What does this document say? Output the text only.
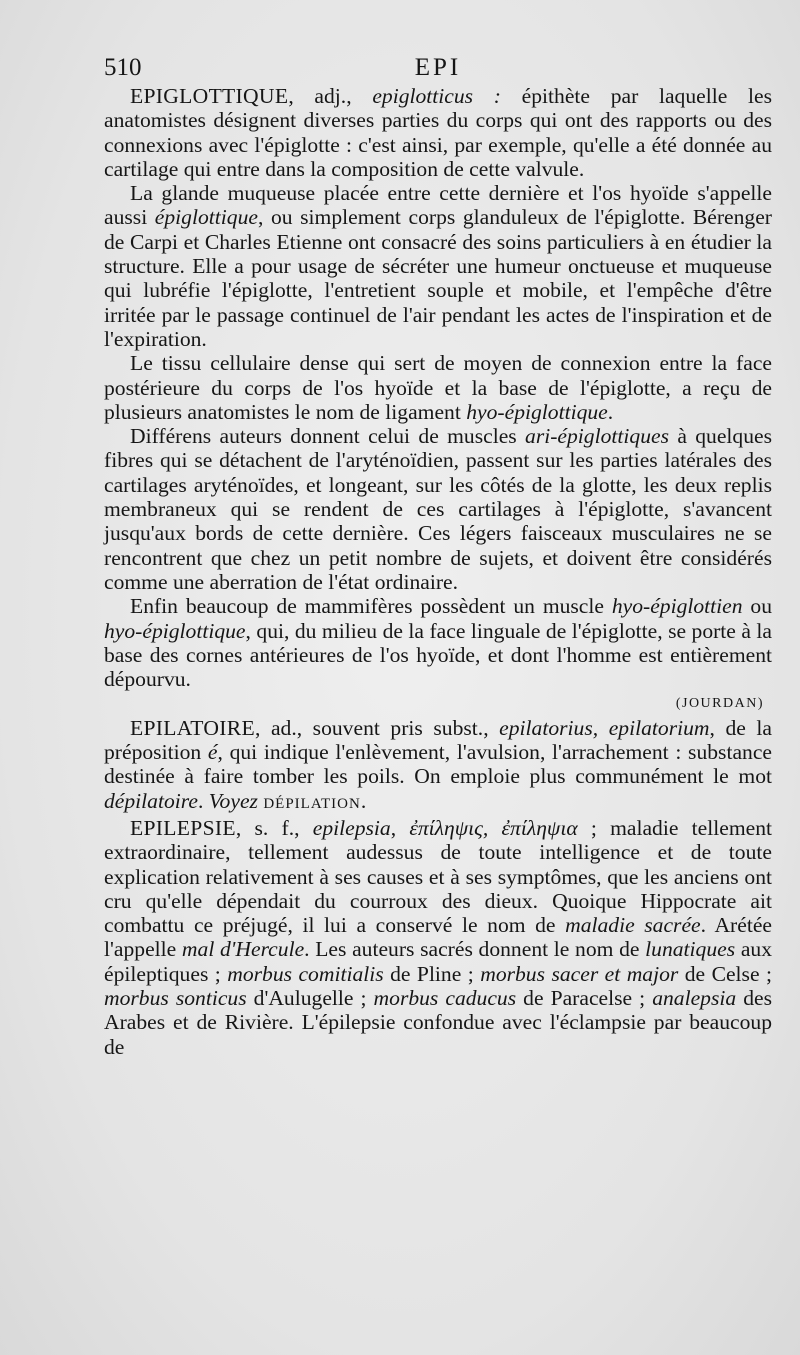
510	EPI

EPIGLOTTIQUE, adj., epiglotticus : épithète par laquelle les anatomistes désignent diverses parties du corps qui ont des rapports ou des connexions avec l'épiglotte : c'est ainsi, par exemple, qu'elle a été donnée au cartilage qui entre dans la composition de cette valvule.

La glande muqueuse placée entre cette dernière et l'os hyoïde s'appelle aussi épiglottique, ou simplement corps glanduleux de l'épiglotte. Bérenger de Carpi et Charles Etienne ont consacré des soins particuliers à en étudier la structure. Elle a pour usage de sécréter une humeur onctueuse et muqueuse qui lubréfie l'épiglotte, l'entretient souple et mobile, et l'empêche d'être irritée par le passage continuel de l'air pendant les actes de l'inspiration et de l'expiration.

Le tissu cellulaire dense qui sert de moyen de connexion entre la face postérieure du corps de l'os hyoïde et la base de l'épiglotte, a reçu de plusieurs anatomistes le nom de ligament hyo-épiglottique.

Différens auteurs donnent celui de muscles ari-épiglottiques à quelques fibres qui se détachent de l'aryténoïdien, passent sur les parties latérales des cartilages aryténoïdes, et longeant, sur les côtés de la glotte, les deux replis membraneux qui se rendent de ces cartilages à l'épiglotte, s'avancent jusqu'aux bords de cette dernière. Ces légers faisceaux musculaires ne se rencontrent que chez un petit nombre de sujets, et doivent être considérés comme une aberration de l'état ordinaire.

Enfin beaucoup de mammifères possèdent un muscle hyo-épiglottien ou hyo-épiglottique, qui, du milieu de la face linguale de l'épiglotte, se porte à la base des cornes antérieures de l'os hyoïde, et dont l'homme est entièrement dépourvu.

(JOURDAN)

EPILATOIRE, ad., souvent pris subst., epilatorius, epilatorium, de la préposition é, qui indique l'enlèvement, l'avulsion, l'arrachement : substance destinée à faire tomber les poils. On emploie plus communément le mot dépilatoire. Voyez DÉPILATION.

EPILEPSIE, s. f., epilepsia, ἐπίληψις, ἐπίληψια ; maladie tellement extraordinaire, tellement audessus de toute intelligence et de toute explication relativement à ses causes et à ses symptômes, que les anciens ont cru qu'elle dépendait du courroux des dieux. Quoique Hippocrate ait combattu ce préjugé, il lui a conservé le nom de maladie sacrée. Arétée l'appelle mal d'Hercule. Les auteurs sacrés donnent le nom de lunatiques aux épileptiques ; morbus comitialis de Pline ; morbus sacer et major de Celse ; morbus sonticus d'Aulugelle ; morbus caducus de Paracelse ; analepsia des Arabes et de Rivière. L'épilepsie confondue avec l'éclampsie par beaucoup de
